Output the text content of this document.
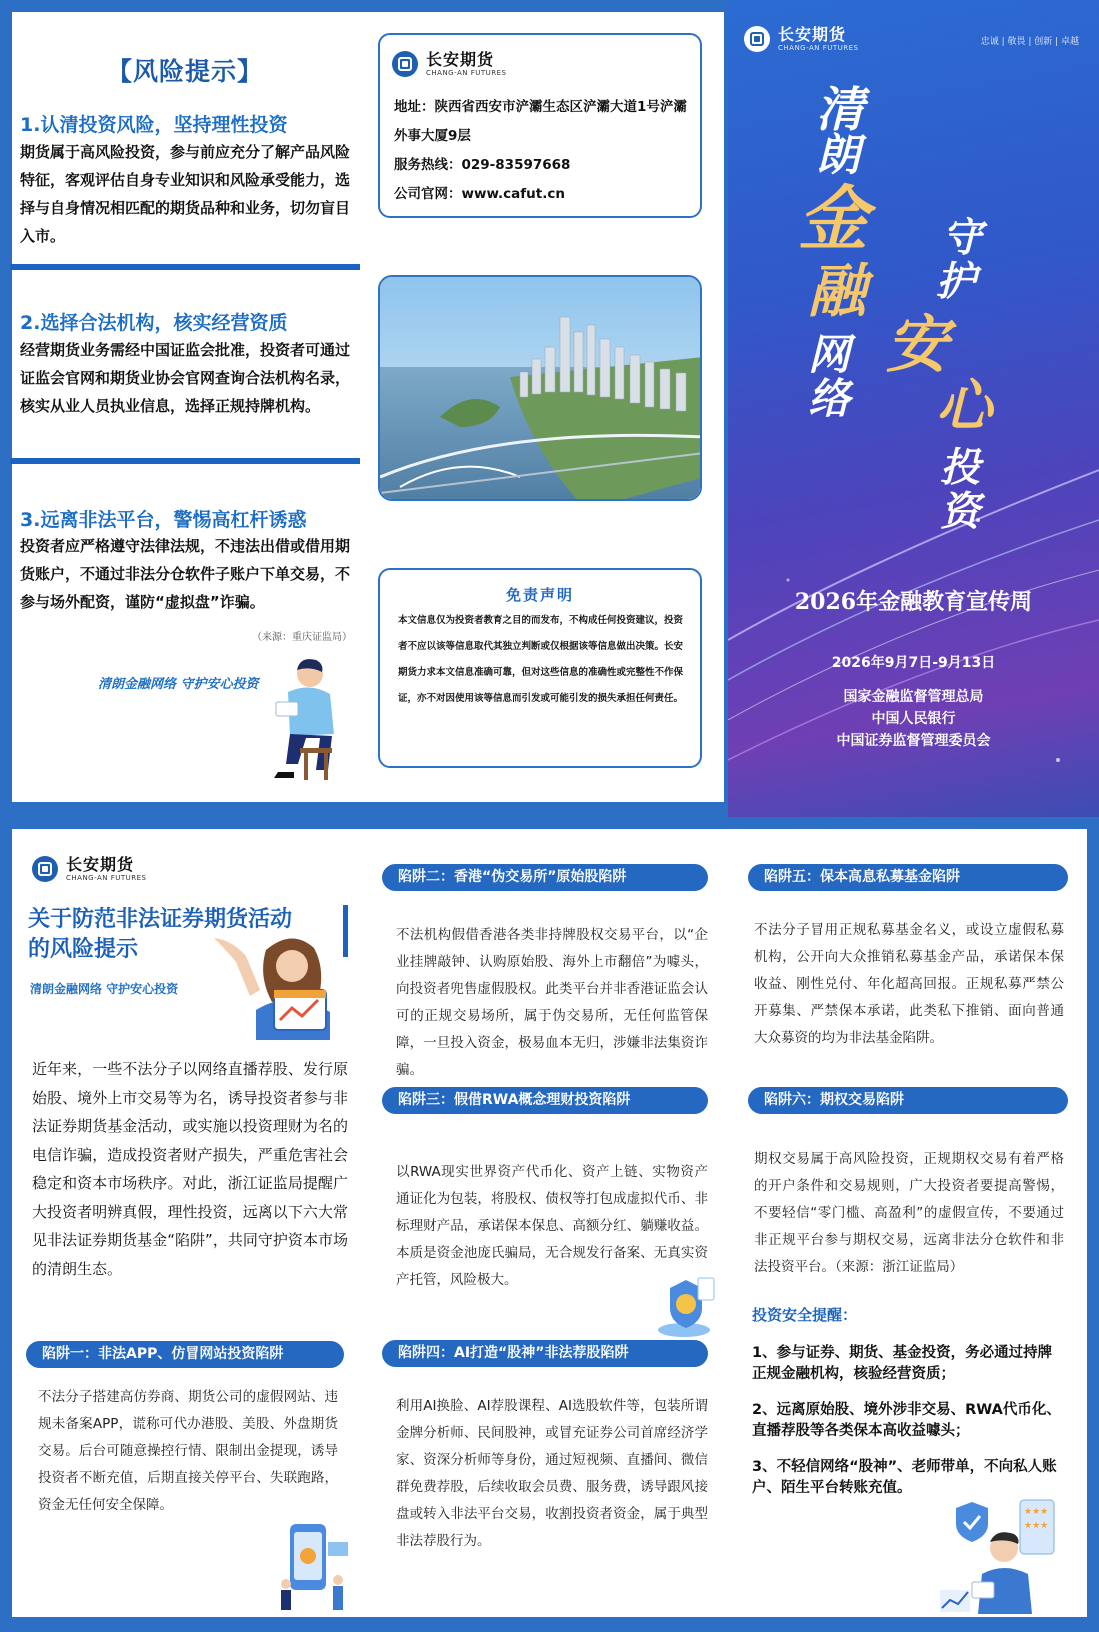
【风险提示】
1.认清投资风险，坚持理性投资
期货属于高风险投资，参与前应充分了解产品风险特征，客观评估自身专业知识和风险承受能力，选择与自身情况相匹配的期货品种和业务，切勿盲目入市。
2.选择合法机构，核实经营资质
经营期货业务需经中国证监会批准，投资者可通过证监会官网和期货业协会官网查询合法机构名录，核实从业人员执业信息，选择正规持牌机构。
3.远离非法平台，警惕高杠杆诱惑
投资者应严格遵守法律法规，不违法出借或借用期货账户，不通过非法分仓软件子账户下单交易，不参与场外配资，谨防“虚拟盘”诈骗。
（来源：重庆证监局）
清朗金融网络 守护安心投资
长安期货
CHANG-AN FUTURES
地址：陕西省西安市浐灞生态区浐灞大道1号浐灞
外事大厦9层
服务热线：029-83597668
公司官网：www.cafut.cn
免责声明
本文信息仅为投资者教育之目的而发布，不构成任何投资建议，投资者不应以该等信息取代其独立判断或仅根据该等信息做出决策。长安期货力求本文信息准确可靠，但对这些信息的准确性或完整性不作保证，亦不对因使用该等信息而引发或可能引发的损失承担任何责任。
长安期货
CHANG-AN FUTURES
忠诚 | 敬畏 | 创新 | 卓越
清
朗
金
融
网
络
守
护
安
心
投
资
2026年金融教育宣传周
2026年9月7日-9月13日
国家金融监督管理总局
中国人民银行
中国证券监督管理委员会
长安期货
CHANG-AN FUTURES
关于防范非法证券期货活动
的风险提示
清朗金融网络 守护安心投资
近年来，一些不法分子以网络直播荐股、发行原始股、境外上市交易等为名，诱导投资者参与非法证券期货基金活动，或实施以投资理财为名的电信诈骗，造成投资者财产损失，严重危害社会稳定和资本市场秩序。对此，浙江证监局提醒广大投资者明辨真假，理性投资，远离以下六大常见非法证券期货基金“陷阱”，共同守护资本市场的清朗生态。
陷阱一：非法APP、仿冒网站投资陷阱
不法分子搭建高仿券商、期货公司的虚假网站、违规未备案APP，谎称可代办港股、美股、外盘期货交易。后台可随意操控行情、限制出金提现，诱导投资者不断充值，后期直接关停平台、失联跑路，资金无任何安全保障。
陷阱二：香港“伪交易所”原始股陷阱
不法机构假借香港各类非持牌股权交易平台，以“企业挂牌敲钟、认购原始股、海外上市翻倍”为噱头，向投资者兜售虚假股权。此类平台并非香港证监会认可的正规交易场所，属于伪交易所，无任何监管保障，一旦投入资金，极易血本无归，涉嫌非法集资诈骗。
陷阱三：假借RWA概念理财投资陷阱
以RWA现实世界资产代币化、资产上链、实物资产通证化为包装，将股权、债权等打包成虚拟代币、非标理财产品，承诺保本保息、高额分红、躺赚收益。本质是资金池庞氏骗局，无合规发行备案、无真实资产托管，风险极大。
陷阱四：AI打造“股神”非法荐股陷阱
利用AI换脸、AI荐股课程、AI选股软件等，包装所谓金牌分析师、民间股神，或冒充证券公司首席经济学家、资深分析师等身份，通过短视频、直播间、微信群免费荐股，后续收取会员费、服务费，诱导跟风接盘或转入非法平台交易，收割投资者资金，属于典型非法荐股行为。
陷阱五：保本高息私募基金陷阱
不法分子冒用正规私募基金名义，或设立虚假私募机构，公开向大众推销私募基金产品，承诺保本保收益、刚性兑付、年化超高回报。正规私募严禁公开募集、严禁保本承诺，此类私下推销、面向普通大众募资的均为非法基金陷阱。
陷阱六：期权交易陷阱
期权交易属于高风险投资，正规期权交易有着严格的开户条件和交易规则，广大投资者要提高警惕，不要轻信“零门槛、高盈利”的虚假宣传，不要通过非正规平台参与期权交易，远离非法分仓软件和非法投资平台。（来源：浙江证监局）
投资安全提醒：
1、参与证券、期货、基金投资，务必通过持牌正规金融机构，核验经营资质；
2、远离原始股、境外涉非交易、RWA代币化、直播荐股等各类保本高收益噱头；
3、不轻信网络“股神”、老师带单，不向私人账户、陌生平台转账充值。
★★★
★★★
